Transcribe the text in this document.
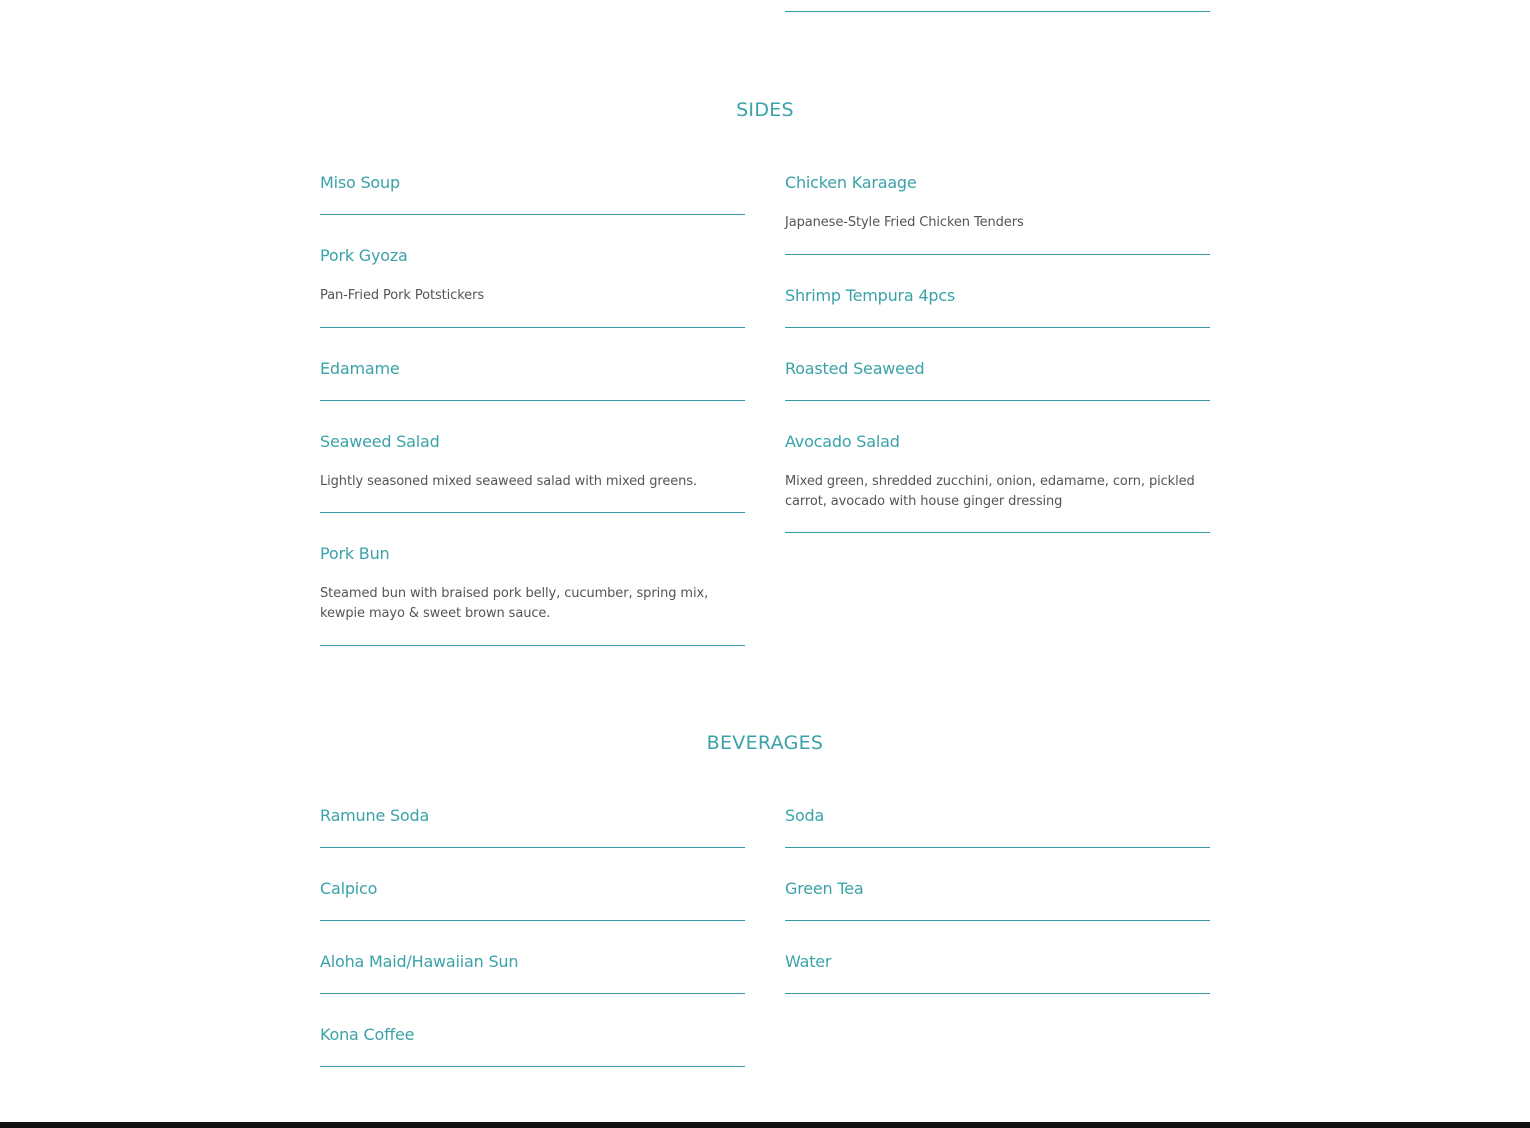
SIDES
Miso Soup	Chicken Karaage

Japanese-Style Fried Chicken Tenders

Pork Gyoza

Pan-Fried Pork Potstickers	Shrimp Tempura 4pcs
Edamame	Roasted Seaweed
Seaweed Salad

Lightly seasoned mixed seaweed salad with mixed greens.

Avocado Salad

Mixed green, shredded zucchini, onion, edamame, corn, pickled carrot, avocado with house ginger dressing

Pork Bun

Steamed bun with braised pork belly, cucumber, spring mix, kewpie mayo & sweet brown sauce.

BEVERAGES
Ramune Soda	Soda
Calpico	Green Tea
Aloha Maid/Hawaiian Sun	Water
Kona Coffee
